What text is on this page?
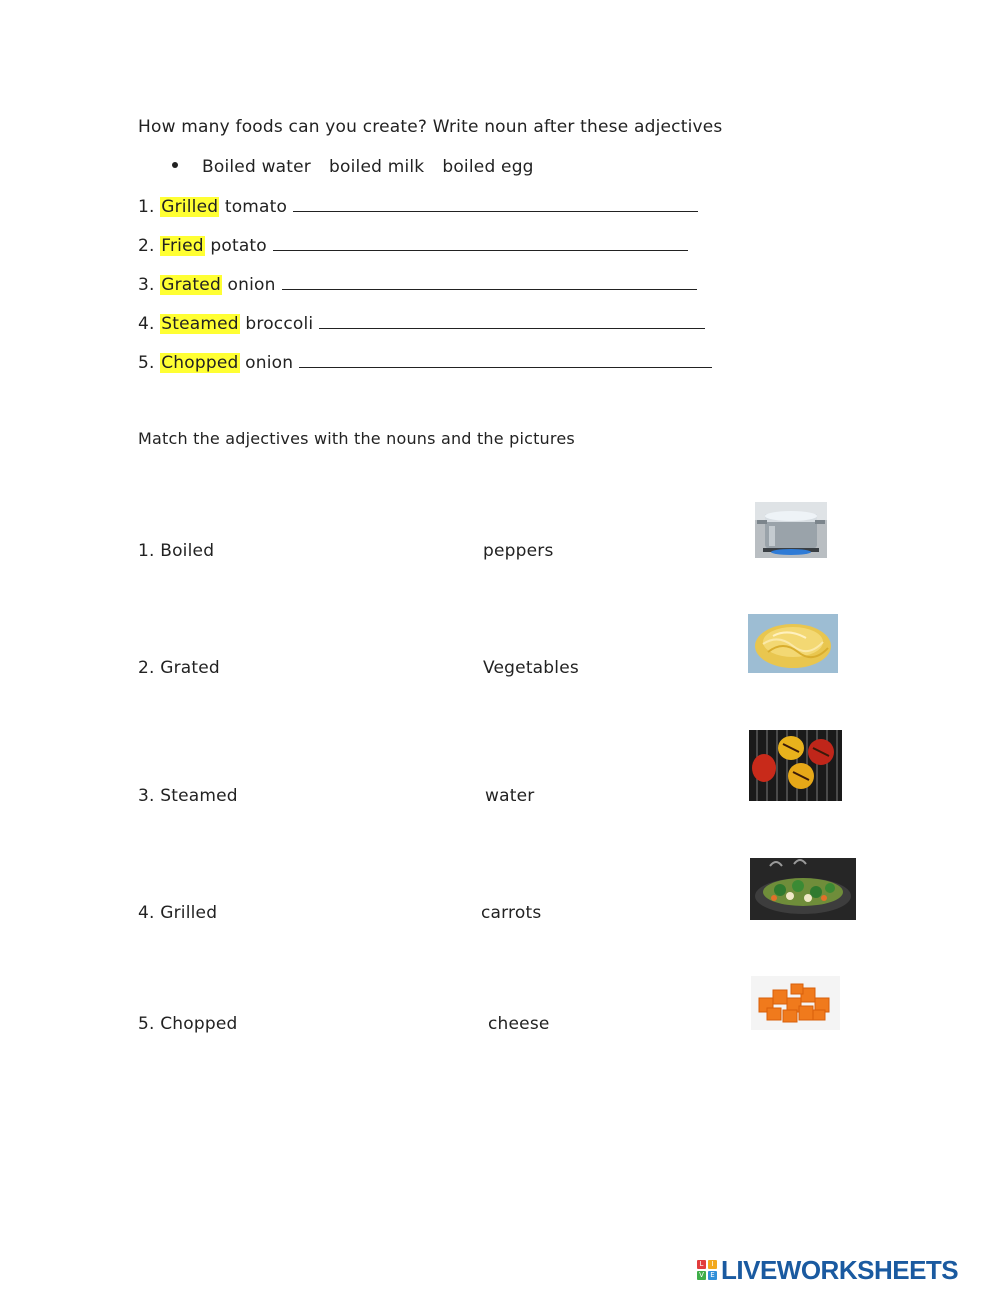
How many foods can you create? Write noun after these adjectives
Boiled water boiled milk boiled egg
1. Grilled tomato
2. Fried potato
3. Grated onion
4. Steamed broccoli
5. Chopped onion
Match the adjectives with the nouns and the pictures
1. Boiled
2. Grated
3. Steamed
4. Grilled
5. Chopped
peppers
Vegetables
water
carrots
cheese
L	I
V E LIVEWORKSHEETS
